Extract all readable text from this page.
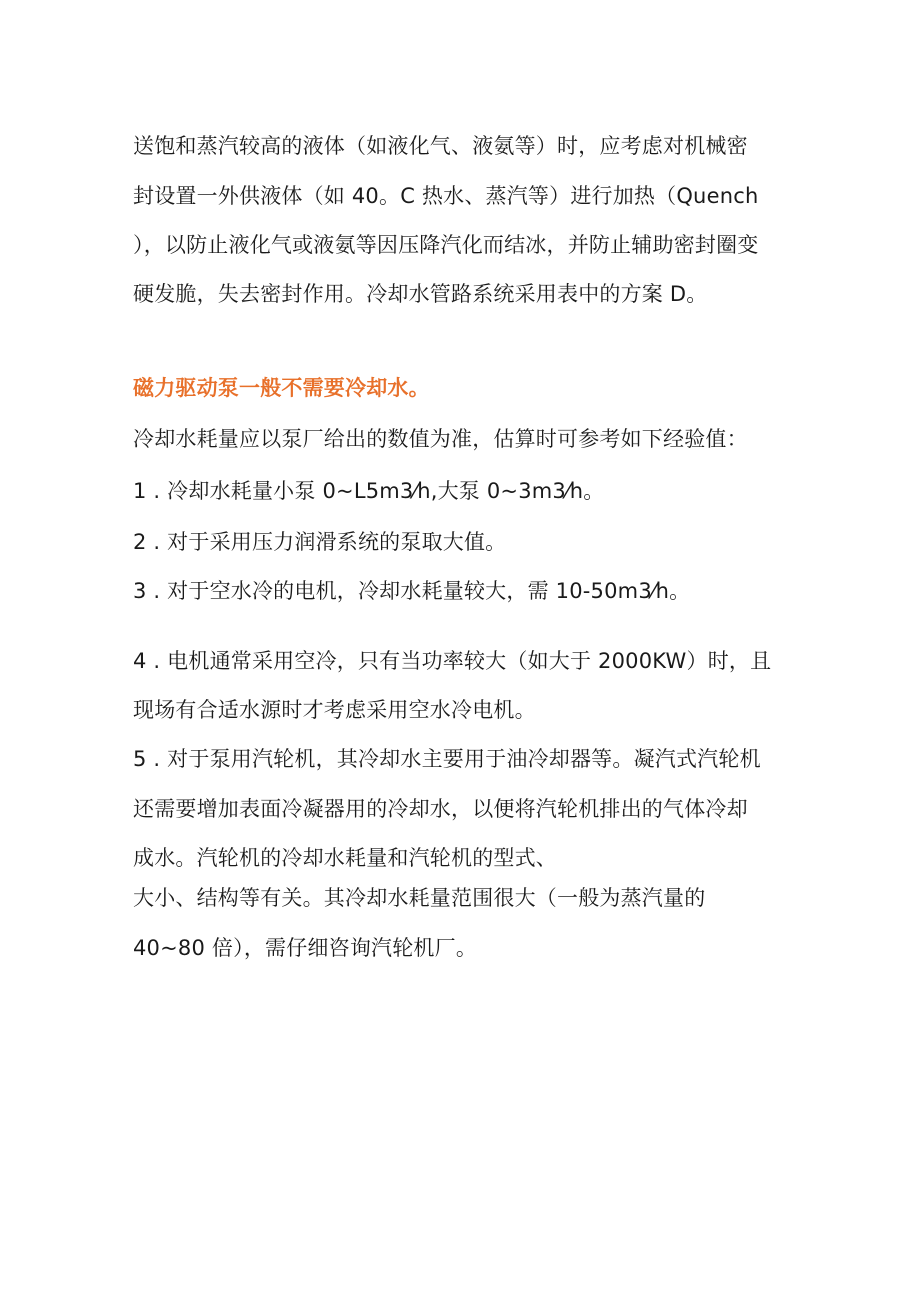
送饱和蒸汽较高的液体（如液化气、液氨等）时，应考虑对机械密
封设置一外供液体（如 40。C 热水、蒸汽等）进行加热（Quench
），以防止液化气或液氨等因压降汽化而结冰，并防止辅助密封圈变
硬发脆，失去密封作用。冷却水管路系统采用表中的方案 D。
磁力驱动泵一般不需要冷却水。
冷却水耗量应以泵厂给出的数值为准，估算时可参考如下经验值：
1 . 冷却水耗量小泵 0~L5m3⁄h,大泵 0~3m3⁄h。
2 . 对于采用压力润滑系统的泵取大值。
3 . 对于空水冷的电机，冷却水耗量较大，需 10-50m3⁄h。
4 . 电机通常采用空冷，只有当功率较大（如大于 2000KW）时，且
现场有合适水源时才考虑采用空水冷电机。
5 . 对于泵用汽轮机，其冷却水主要用于油冷却器等。凝汽式汽轮机
还需要增加表面冷凝器用的冷却水，以便将汽轮机排出的气体冷却
成水。汽轮机的冷却水耗量和汽轮机的型式、
大小、结构等有关。其冷却水耗量范围很大（一般为蒸汽量的
40~80 倍），需仔细咨询汽轮机厂。
